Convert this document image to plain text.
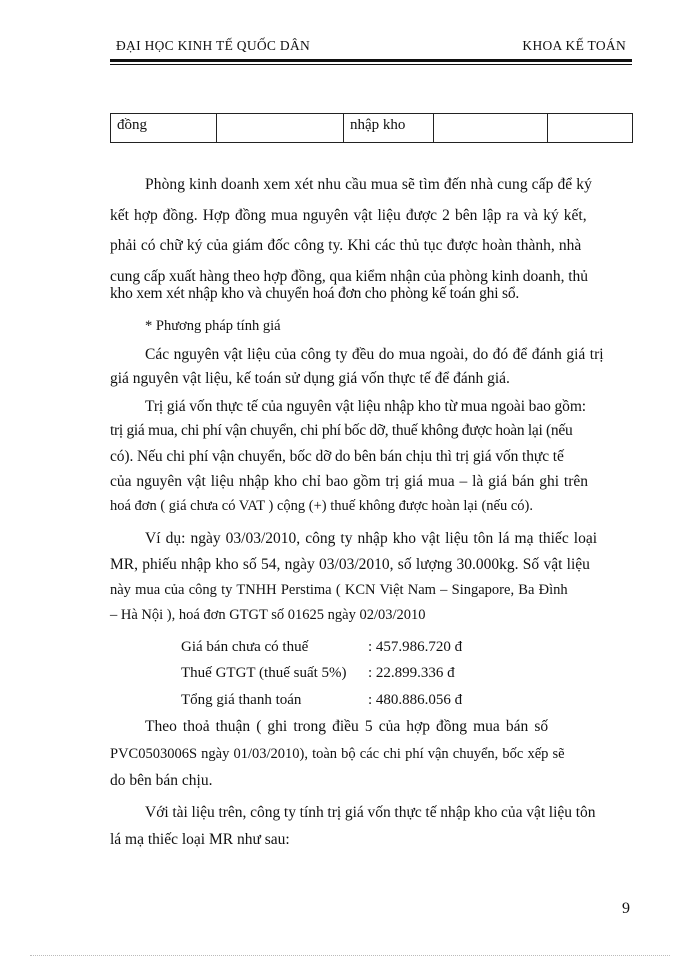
ĐẠI HỌC KINH TẾ QUỐC DÂN	KHOA KẾ TOÁN
đồng		nhập kho		
Phòng kinh doanh xem xét nhu cầu mua sẽ tìm đến nhà cung cấp để ký
kết hợp đồng. Hợp đồng mua nguyên vật liệu được 2 bên lập ra và ký kết,
phải có chữ ký của giám đốc công ty. Khi các thủ tục được hoàn thành, nhà
cung cấp xuất hàng theo hợp đồng, qua kiểm nhận của phòng kinh doanh, thủ
kho xem xét nhập kho và chuyển hoá đơn cho phòng kế toán ghi sổ.
* Phương pháp tính giá
Các nguyên vật liệu của công ty đều do mua ngoài, do đó để đánh giá trị
giá nguyên vật liệu, kế toán sử dụng giá vốn thực tế để đánh giá.
Trị giá vốn thực tế của nguyên vật liệu nhập kho từ mua ngoài bao gồm:
trị giá mua, chi phí vận chuyển, chi phí bốc dỡ, thuế không được hoàn lại (nếu
có). Nếu chi phí vận chuyển, bốc dỡ do bên bán chịu thì trị giá vốn thực tế
của nguyên vật liệu nhập kho chỉ bao gồm trị giá mua – là giá bán ghi trên
hoá đơn ( giá chưa có VAT ) cộng (+) thuế không được hoàn lại (nếu có).
Ví dụ: ngày 03/03/2010, công ty nhập kho vật liệu tôn lá mạ thiếc loại
MR, phiếu nhập kho số 54, ngày 03/03/2010, số lượng 30.000kg. Số vật liệu
này mua của công ty TNHH Perstima ( KCN Việt Nam – Singapore, Ba Đình
– Hà Nội ), hoá đơn GTGT số 01625 ngày 02/03/2010
Giá bán chưa có thuế	: 457.986.720 đ
Thuế GTGT (thuế suất 5%) : 22.899.336 đ
Tổng giá thanh toán	: 480.886.056 đ
Theo thoả thuận ( ghi trong điều 5 của hợp đồng mua bán số
PVC0503006S ngày 01/03/2010), toàn bộ các chi phí vận chuyển, bốc xếp sẽ
do bên bán chịu.
Với tài liệu trên, công ty tính trị giá vốn thực tế nhập kho của vật liệu tôn
lá mạ thiếc loại MR như sau:
9
